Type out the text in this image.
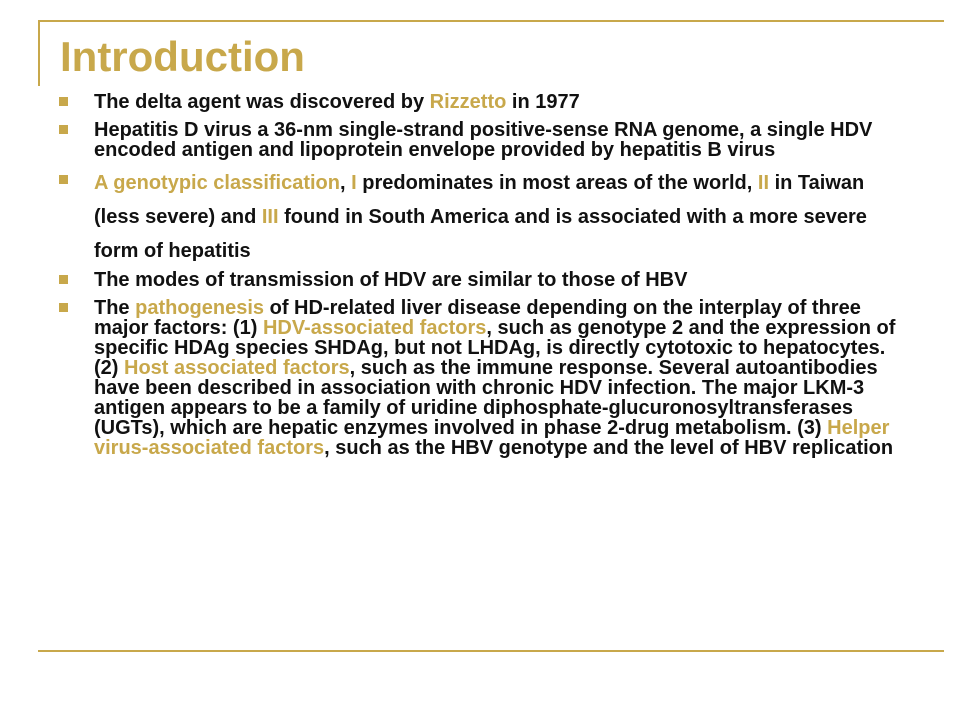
Introduction
The delta agent was discovered by Rizzetto in 1977
Hepatitis D virus a 36-nm single-strand positive-sense RNA genome, a single HDV encoded antigen and lipoprotein envelope provided by hepatitis B virus
A genotypic classification, I predominates in most areas of the world, II in Taiwan (less severe) and III found in South America and is associated with a more severe form of hepatitis
The modes of transmission of HDV are similar to those of HBV
The pathogenesis of HD-related liver disease depending on the interplay of three major factors: (1) HDV-associated factors, such as genotype 2 and the expression of specific HDAg species SHDAg, but not LHDAg, is directly cytotoxic to hepatocytes. (2) Host associated factors, such as the immune response. Several autoantibodies have been described in association with chronic HDV infection. The major LKM-3 antigen appears to be a family of uridine diphosphate-glucuronosyltransferases (UGTs), which are hepatic enzymes involved in phase 2-drug metabolism. (3) Helper virus-associated factors, such as the HBV genotype and the level of HBV replication
